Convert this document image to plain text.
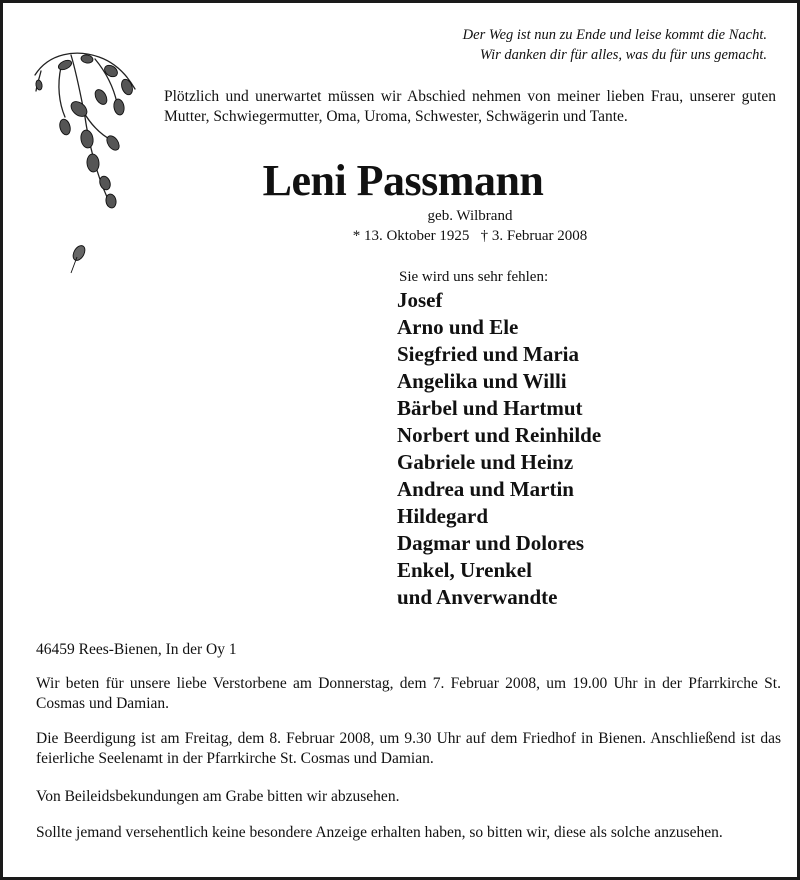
Der Weg ist nun zu Ende und leise kommt die Nacht.
Wir danken dir für alles, was du für uns gemacht.
Plötzlich und unerwartet müssen wir Abschied nehmen von meiner lieben Frau, unserer guten Mutter, Schwiegermutter, Oma, Uroma, Schwester, Schwägerin und Tante.
Leni Passmann
geb. Wilbrand
* 13. Oktober 1925 † 3. Februar 2008
Sie wird uns sehr fehlen:
Josef
Arno und Ele
Siegfried und Maria
Angelika und Willi
Bärbel und Hartmut
Norbert und Reinhilde
Gabriele und Heinz
Andrea und Martin
Hildegard
Dagmar und Dolores
Enkel, Urenkel
und Anverwandte
46459 Rees-Bienen, In der Oy 1
Wir beten für unsere liebe Verstorbene am Donnerstag, dem 7. Februar 2008, um 19.00 Uhr in der Pfarrkirche St. Cosmas und Damian.
Die Beerdigung ist am Freitag, dem 8. Februar 2008, um 9.30 Uhr auf dem Friedhof in Bienen. Anschließend ist das feierliche Seelenamt in der Pfarrkirche St. Cosmas und Damian.
Von Beileidsbekundungen am Grabe bitten wir abzusehen.
Sollte jemand versehentlich keine besondere Anzeige erhalten haben, so bitten wir, diese als solche anzusehen.
